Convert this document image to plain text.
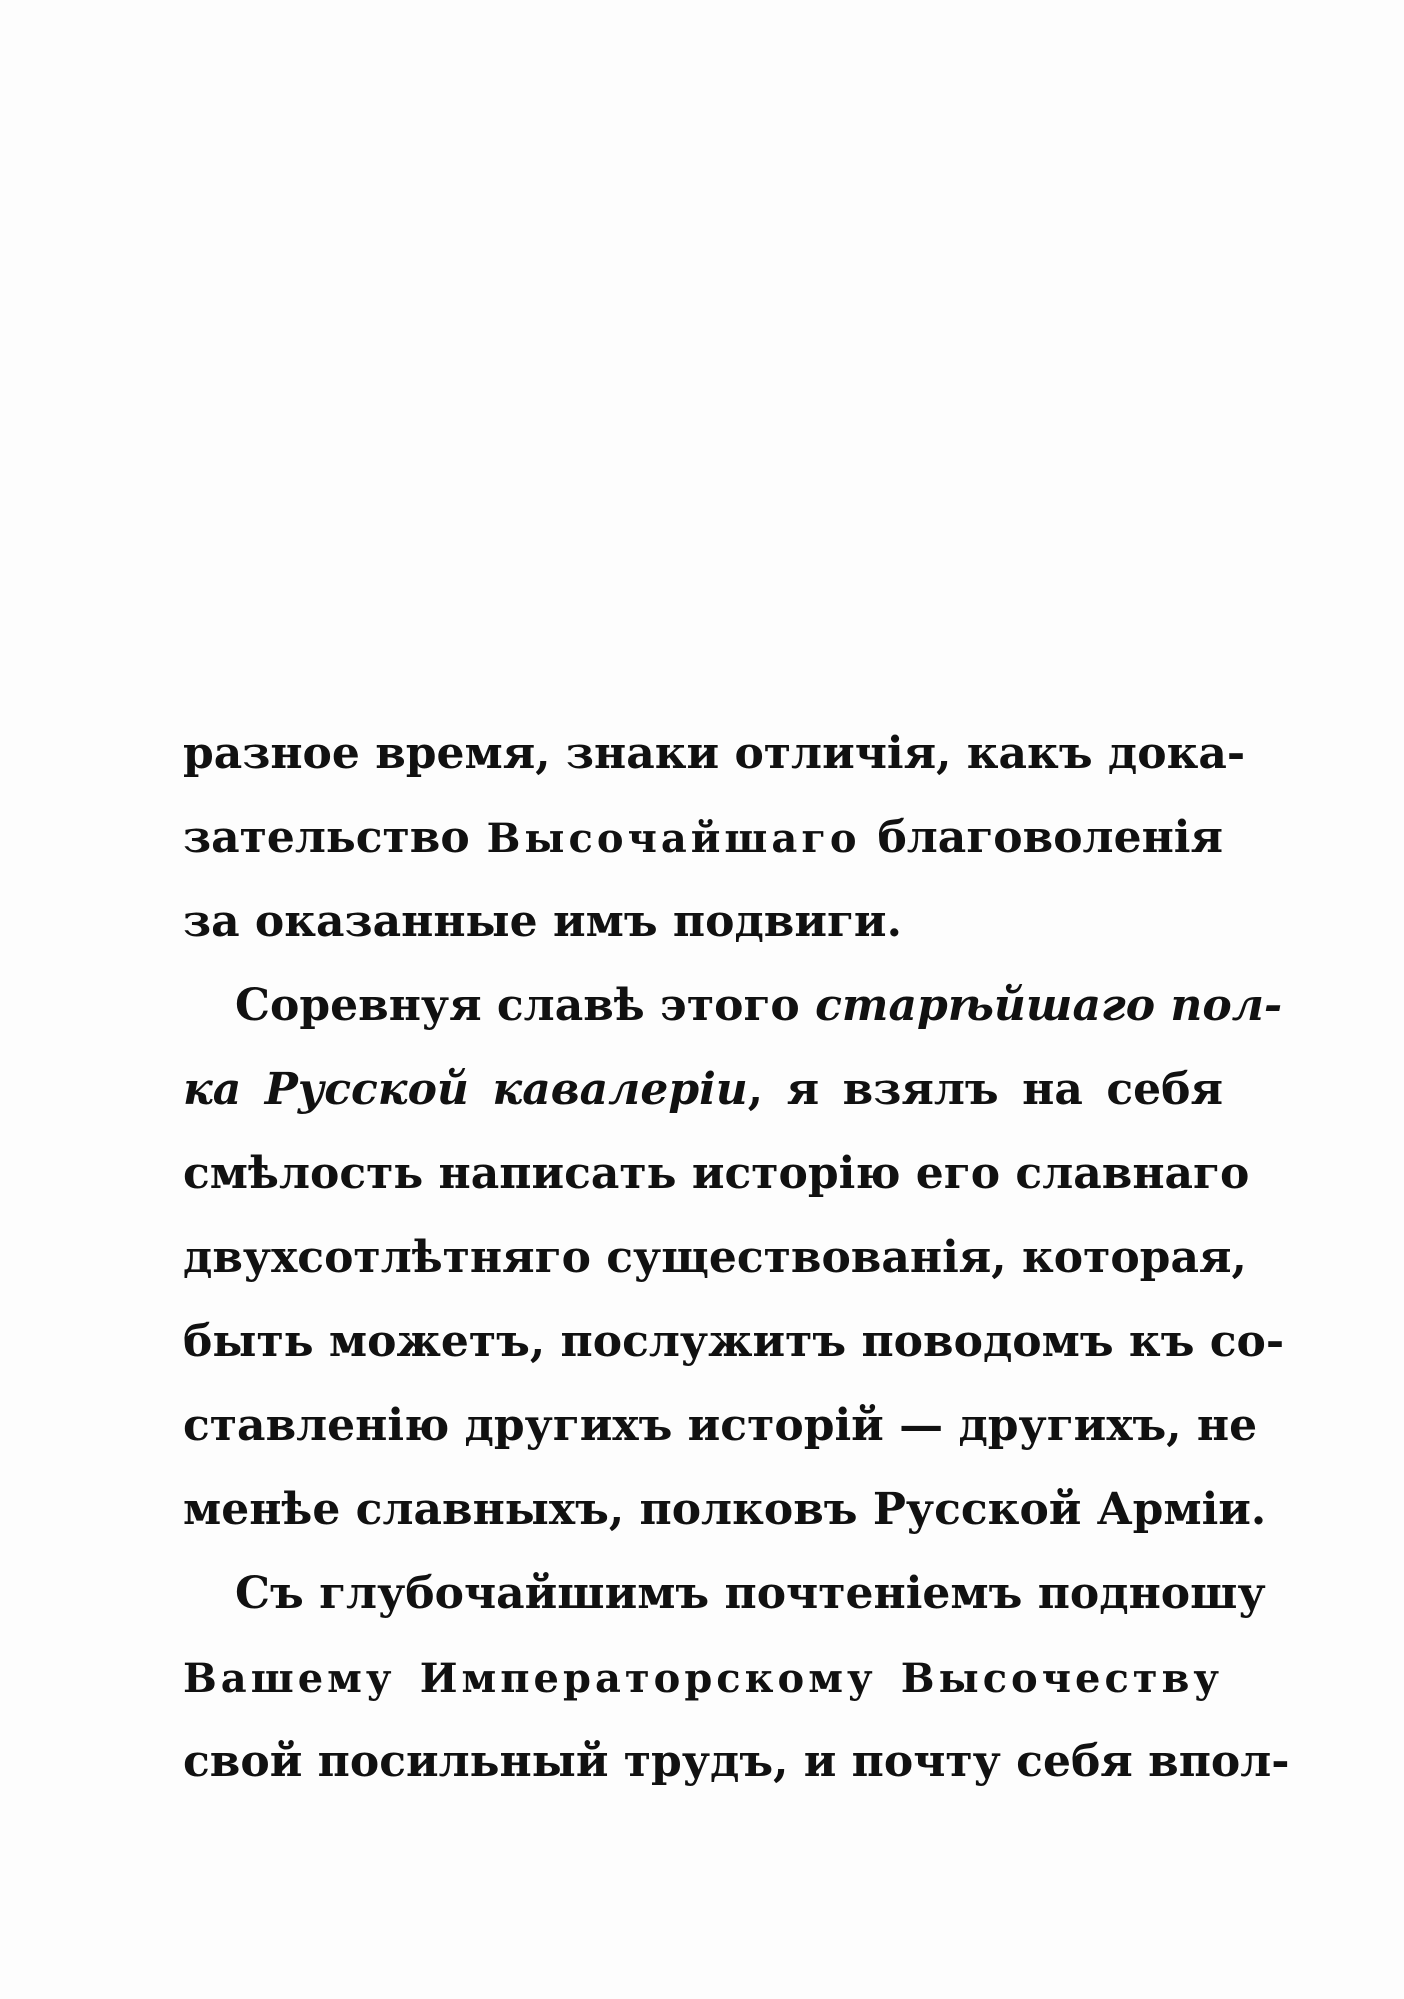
разное время, знаки отличія, какъ дока-
зательство Высочайшаго благоволенія
за оказанные имъ подвиги.
Соревнуя славѣ этого старѣйшаго пол-
ка Русской кавалеріи, я взялъ на себя
смѣлость написать исторію его славнаго
двухсотлѣтняго существованія, которая,
быть можетъ, послужитъ поводомъ къ со-
ставленію другихъ исторій — другихъ, не
менѣе славныхъ, полковъ Русской Арміи.
Съ глубочайшимъ почтеніемъ подношу
Вашему Императорскому Высочеству
свой посильный трудъ, и почту себя впол-
